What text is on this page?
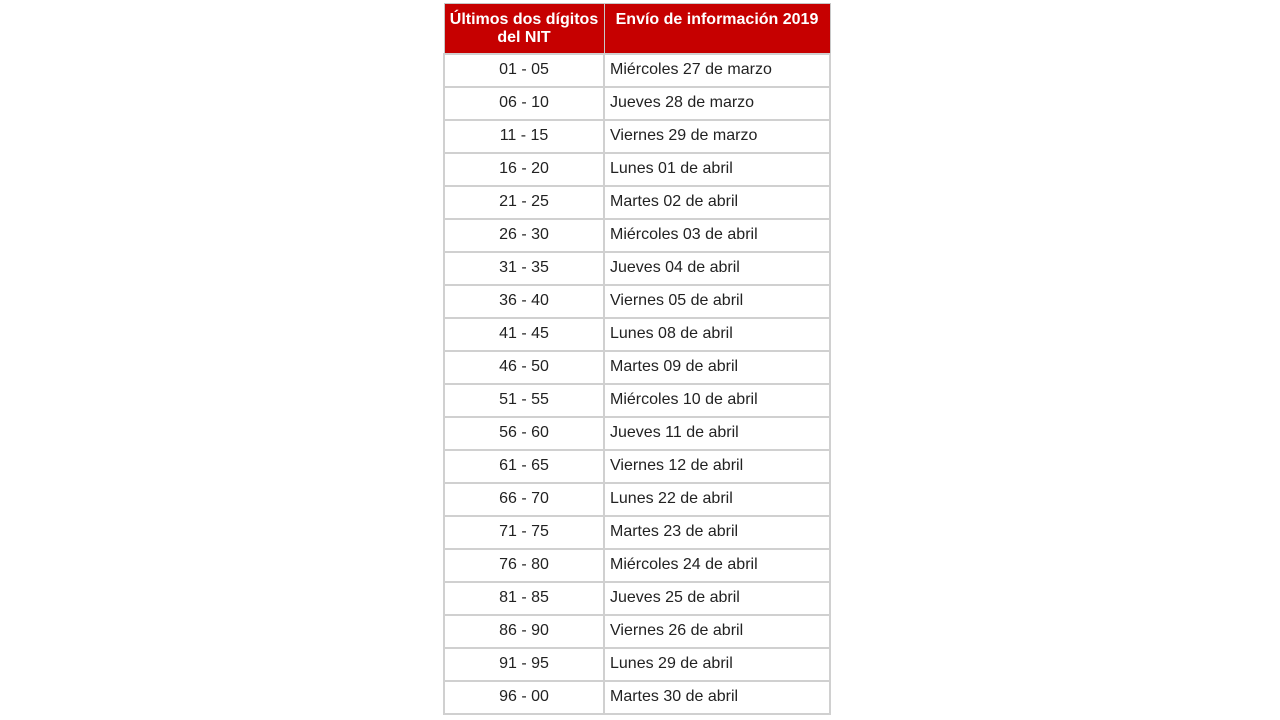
Últimos dos dígitos del NIT	Envío de información 2019
01 - 05	Miércoles 27 de marzo
06 - 10	Jueves 28 de marzo
11 - 15	Viernes 29 de marzo
16 - 20	Lunes 01 de abril
21 - 25	Martes 02 de abril
26 - 30	Miércoles 03 de abril
31 - 35	Jueves 04 de abril
36 - 40	Viernes 05 de abril
41 - 45	Lunes 08 de abril
46 - 50	Martes 09 de abril
51 - 55	Miércoles 10 de abril
56 - 60	Jueves 11 de abril
61 - 65	Viernes 12 de abril
66 - 70	Lunes 22 de abril
71 - 75	Martes 23 de abril
76 - 80	Miércoles 24 de abril
81 - 85	Jueves 25 de abril
86 - 90	Viernes 26 de abril
91 - 95	Lunes 29 de abril
96 - 00	Martes 30 de abril
